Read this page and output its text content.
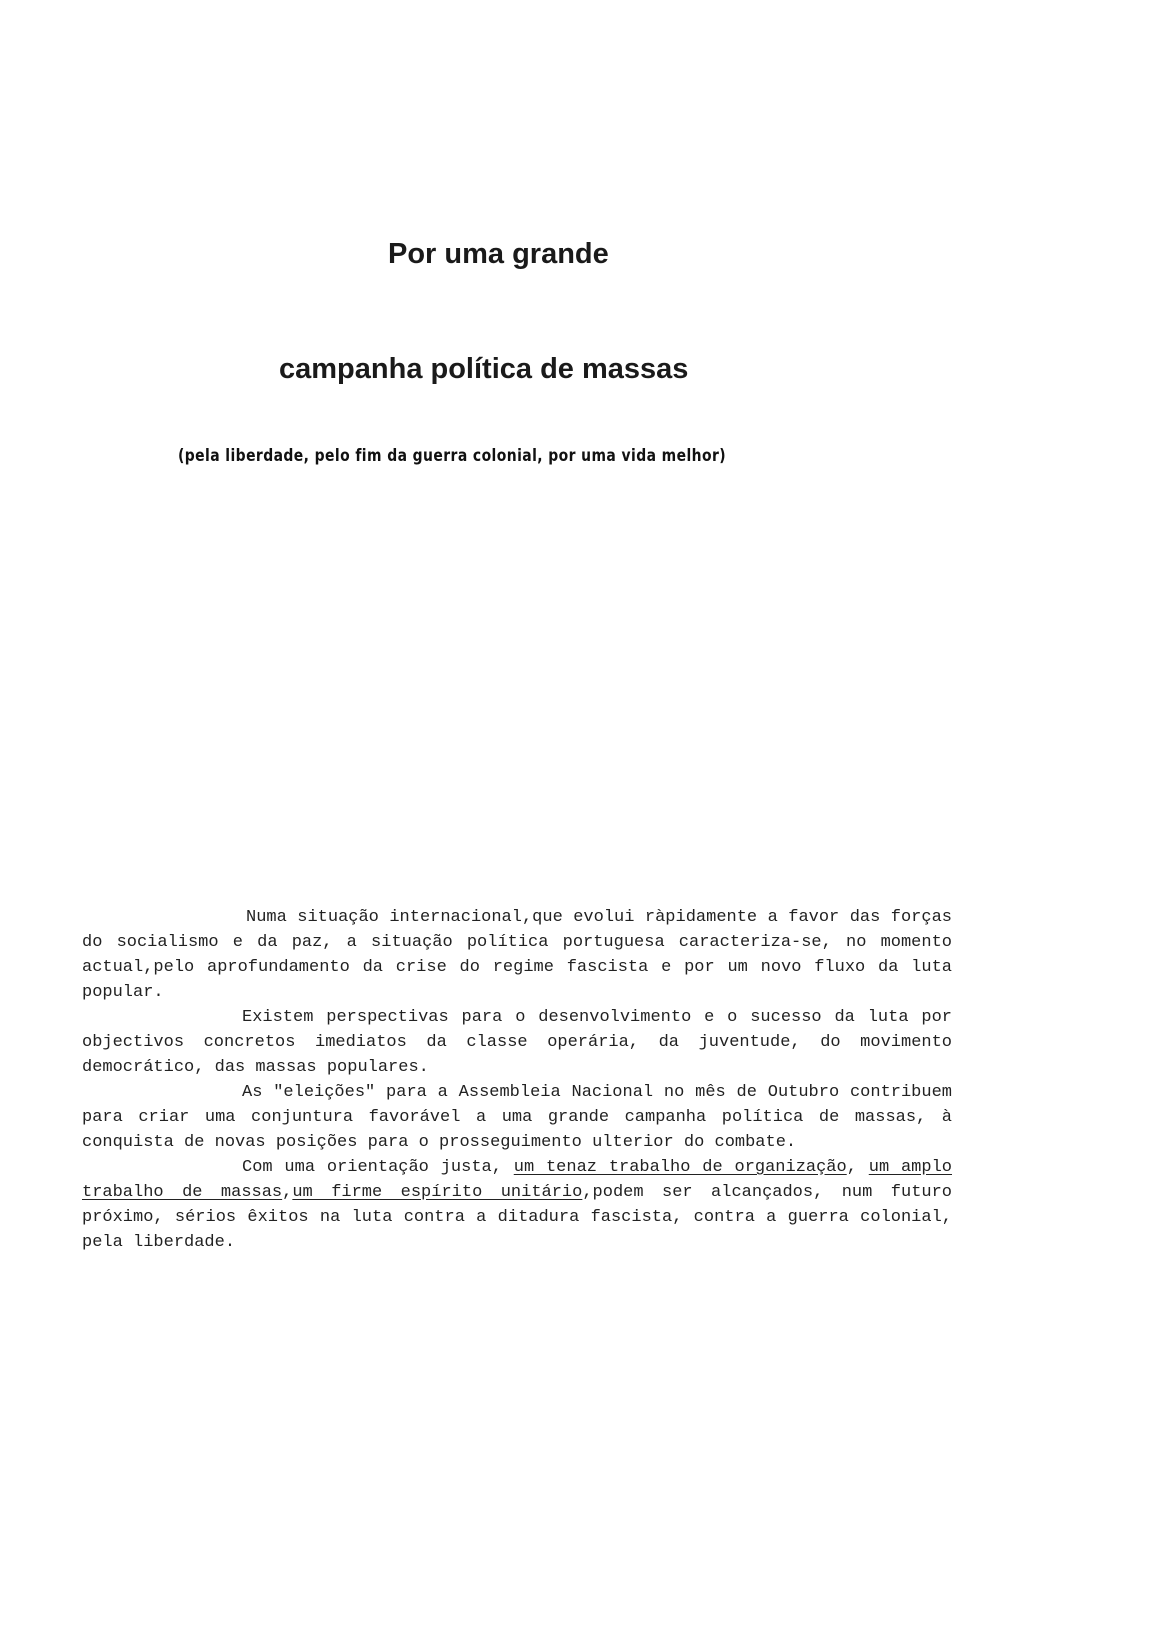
Por uma grande
campanha política de massas
(pela liberdade, pelo fim da guerra colonial, por uma vida melhor)

Numa situação internacional,que evolui ràpidamente a favor das forças do socialismo e da paz, a situação política portuguesa caracteriza-se, no momento actual,pelo aprofundamento da crise do regime fascista e por um novo fluxo da luta popular.

Existem perspectivas para o desenvolvimento e o sucesso da luta por objectivos concretos imediatos da classe operária, da juventude, do movimento democrático, das massas populares.

As "eleições" para a Assembleia Nacional no mês de Outubro contribuem para criar uma conjuntura favorável a uma grande campanha política de massas, à conquista de novas posições para o prosseguimento ulterior do combate.

Com uma orientação justa, um tenaz trabalho de organização, um amplo trabalho de massas,um firme espírito unitário,podem ser alcançados, num futuro próximo, sérios êxitos na luta contra a ditadura fascista, contra a guerra colonial, pela liberdade.
